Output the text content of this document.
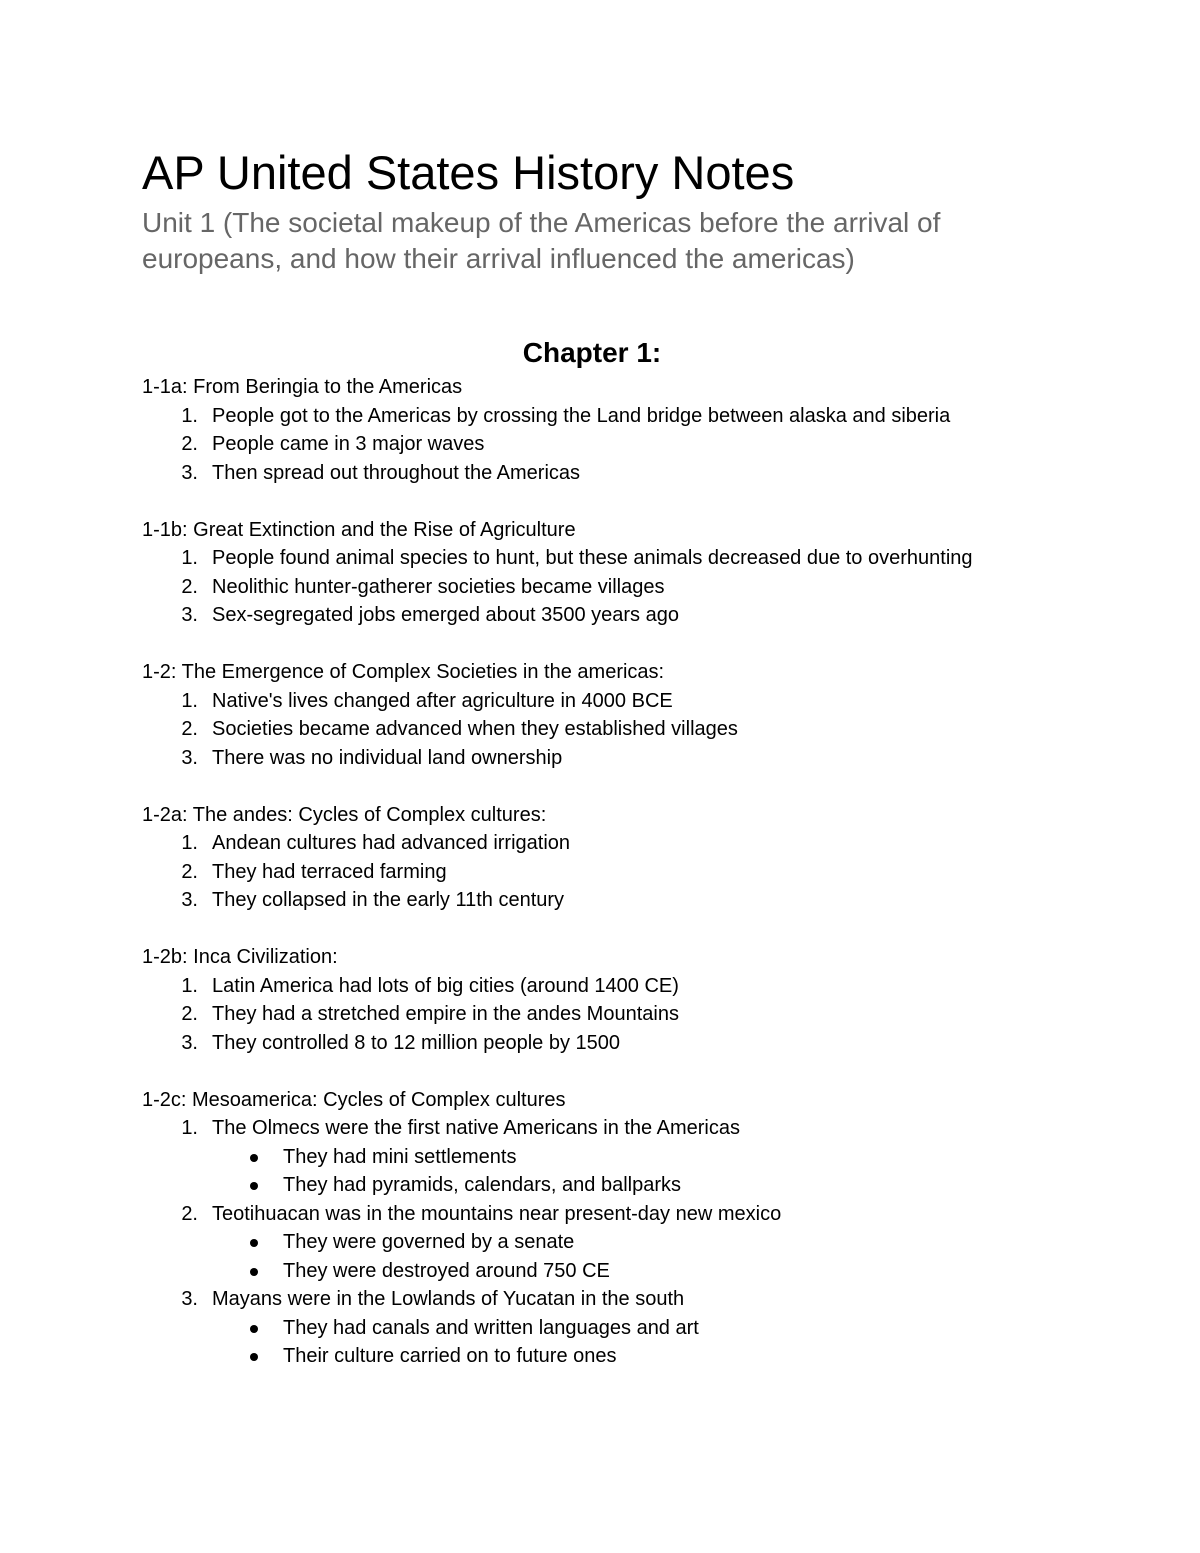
AP United States History Notes

Unit 1 (The societal makeup of the Americas before the arrival of europeans, and how their arrival influenced the americas)

Chapter 1:
1-1a: From Beringia to the Americas
1. People got to the Americas by crossing the Land bridge between alaska and siberia
2. People came in 3 major waves
3. Then spread out throughout the Americas
1-1b: Great Extinction and the Rise of Agriculture
1. People found animal species to hunt, but these animals decreased due to overhunting
2. Neolithic hunter-gatherer societies became villages
3. Sex-segregated jobs emerged about 3500 years ago
1-2: The Emergence of Complex Societies in the americas:
1. Native's lives changed after agriculture in 4000 BCE
2. Societies became advanced when they established villages
3. There was no individual land ownership
1-2a: The andes: Cycles of Complex cultures:
1. Andean cultures had advanced irrigation
2. They had terraced farming
3. They collapsed in the early 11th century
1-2b: Inca Civilization:
1. Latin America had lots of big cities (around 1400 CE)
2. They had a stretched empire in the andes Mountains
3. They controlled 8 to 12 million people by 1500
1-2c: Mesoamerica: Cycles of Complex cultures
1. The Olmecs were the first native Americans in the Americas
They had mini settlements
They had pyramids, calendars, and ballparks
2. Teotihuacan was in the mountains near present-day new mexico
They were governed by a senate
They were destroyed around 750 CE
3. Mayans were in the Lowlands of Yucatan in the south
They had canals and written languages and art
Their culture carried on to future ones
